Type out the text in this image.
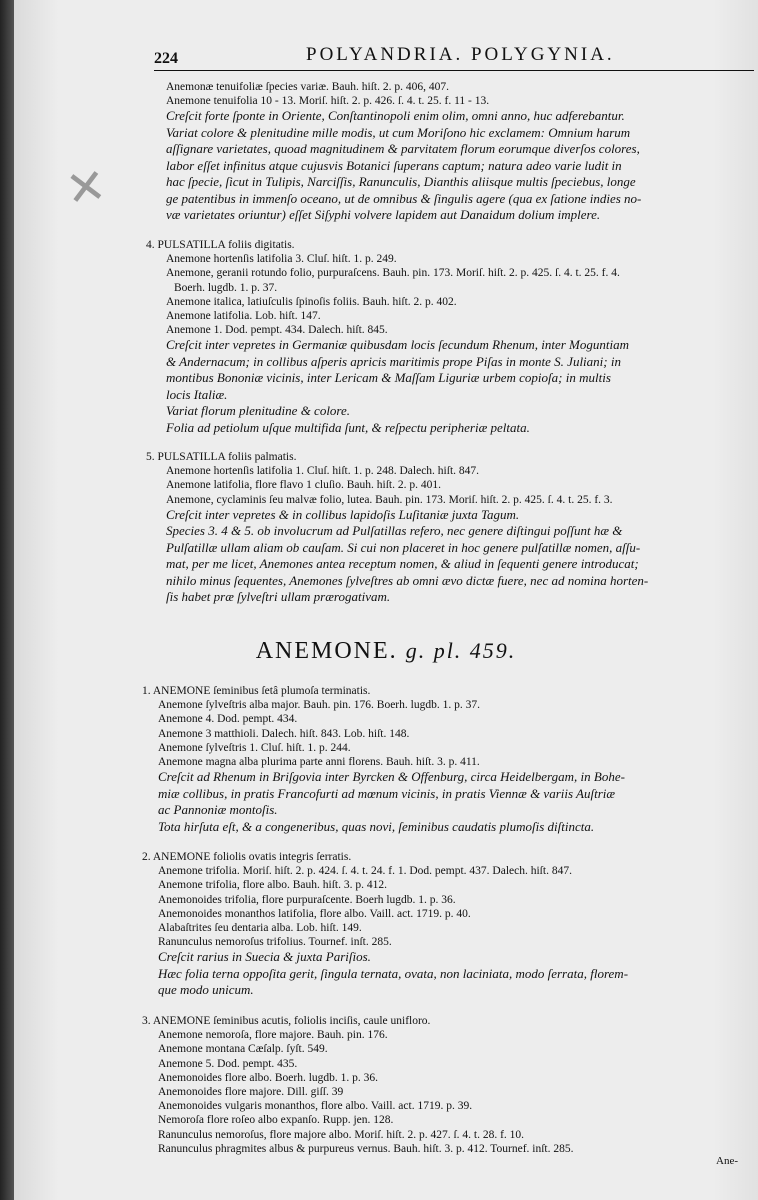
✕
224	POLYANDRIA. POLYGYNIA.
Anemonæ tenuifoliæ ſpecies variæ. Bauh. hiſt. 2. p. 406, 407.
Anemone tenuifolia 10 - 13. Moriſ. hiſt. 2. p. 426. ſ. 4. t. 25. f. 11 - 13.
Creſcit forte ſponte in Oriente, Conſtantinopoli enim olim, omni anno, huc adferebantur.
Variat colore & plenitudine mille modis, ut cum Moriſono hic exclamem: Omnium harum
aſſignare varietates, quoad magnitudinem & parvitatem florum eorumque diverſos colores,
labor eſſet infinitus atque cujusvis Botanici ſuperans captum; natura adeo varie ludit in
hac ſpecie, ſicut in Tulipis, Narciſſis, Ranunculis, Dianthis aliisque multis ſpeciebus, longe
ge patentibus in immenſo oceano, ut de omnibus & ſingulis agere (qua ex ſatione indies no-
væ varietates oriuntur) eſſet Siſyphi volvere lapidem aut Danaidum dolium implere.
4. PULSATILLA foliis digitatis.
Anemone hortenſis latifolia 3. Cluſ. hiſt. 1. p. 249.
Anemone, geranii rotundo folio, purpuraſcens. Bauh. pin. 173. Moriſ. hiſt. 2. p. 425. ſ. 4. t. 25. f. 4.
Boerh. lugdb. 1. p. 37.
Anemone italica, latiuſculis ſpinoſis foliis. Bauh. hiſt. 2. p. 402.
Anemone latifolia. Lob. hiſt. 147.
Anemone 1. Dod. pempt. 434. Dalech. hiſt. 845.
Creſcit inter vepretes in Germaniæ quibusdam locis ſecundum Rhenum, inter Moguntiam
& Andernacum; in collibus aſperis apricis maritimis prope Piſas in monte S. Juliani; in
montibus Bononiæ vicinis, inter Lericam & Maſſam Liguriæ urbem copioſa; in multis
locis Italiæ.
Variat florum plenitudine & colore.
Folia ad petiolum uſque multifida ſunt, & reſpectu peripheriæ peltata.
5. PULSATILLA foliis palmatis.
Anemone hortenſis latifolia 1. Cluſ. hiſt. 1. p. 248. Dalech. hiſt. 847.
Anemone latifolia, flore flavo 1 cluſio. Bauh. hiſt. 2. p. 401.
Anemone, cyclaminis ſeu malvæ folio, lutea. Bauh. pin. 173. Moriſ. hiſt. 2. p. 425. ſ. 4. t. 25. f. 3.
Creſcit inter vepretes & in collibus lapidoſis Luſitaniæ juxta Tagum.
Species 3. 4 & 5. ob involucrum ad Pulſatillas refero, nec genere diſtingui poſſunt hæ &
Pulſatillæ ullam aliam ob cauſam. Si cui non placeret in hoc genere pulſatillæ nomen, aſſu-
mat, per me licet, Anemones antea receptum nomen, & aliud in ſequenti genere introducat;
nihilo minus ſequentes, Anemones ſylveſtres ab omni ævo dictæ fuere, nec ad nomina horten-
ſis habet præ ſylveſtri ullam prærogativam.
ANEMONE. g. pl. 459.
1. ANEMONE ſeminibus ſetâ plumoſa terminatis.
Anemone ſylveſtris alba major. Bauh. pin. 176. Boerh. lugdb. 1. p. 37.
Anemone 4. Dod. pempt. 434.
Anemone 3 matthioli. Dalech. hiſt. 843. Lob. hiſt. 148.
Anemone ſylveſtris 1. Cluſ. hiſt. 1. p. 244.
Anemone magna alba plurima parte anni florens. Bauh. hiſt. 3. p. 411.
Creſcit ad Rhenum in Briſgovia inter Byrcken & Offenburg, circa Heidelbergam, in Bohe-
miæ collibus, in pratis Francofurti ad mœnum vicinis, in pratis Viennæ & variis Auſtriæ
ac Pannoniæ montoſis.
Tota hirſuta eſt, & a congeneribus, quas novi, ſeminibus caudatis plumoſis diſtincta.
2. ANEMONE foliolis ovatis integris ſerratis.
Anemone trifolia. Moriſ. hiſt. 2. p. 424. ſ. 4. t. 24. f. 1. Dod. pempt. 437. Dalech. hiſt. 847.
Anemone trifolia, flore albo. Bauh. hiſt. 3. p. 412.
Anemonoides trifolia, flore purpuraſcente. Boerh lugdb. 1. p. 36.
Anemonoides monanthos latifolia, flore albo. Vaill. act. 1719. p. 40.
Alabaſtrites ſeu dentaria alba. Lob. hiſt. 149.
Ranunculus nemoroſus trifolius. Tournef. inſt. 285.
Creſcit rarius in Suecia & juxta Pariſios.
Hæc folia terna oppoſita gerit, ſingula ternata, ovata, non laciniata, modo ſerrata, florem-
que modo unicum.
3. ANEMONE ſeminibus acutis, foliolis inciſis, caule unifloro.
Anemone nemoroſa, flore majore. Bauh. pin. 176.
Anemone montana Cæſalp. ſyſt. 549.
Anemone 5. Dod. pempt. 435.
Anemonoides flore albo. Boerh. lugdb. 1. p. 36.
Anemonoides flore majore. Dill. giſſ. 39
Anemonoides vulgaris monanthos, flore albo. Vaill. act. 1719. p. 39.
Nemoroſa flore roſeo albo expanſo. Rupp. jen. 128.
Ranunculus nemoroſus, flore majore albo. Moriſ. hiſt. 2. p. 427. ſ. 4. t. 28. f. 10.
Ranunculus phragmites albus & purpureus vernus. Bauh. hiſt. 3. p. 412. Tournef. inſt. 285.
Ane-
